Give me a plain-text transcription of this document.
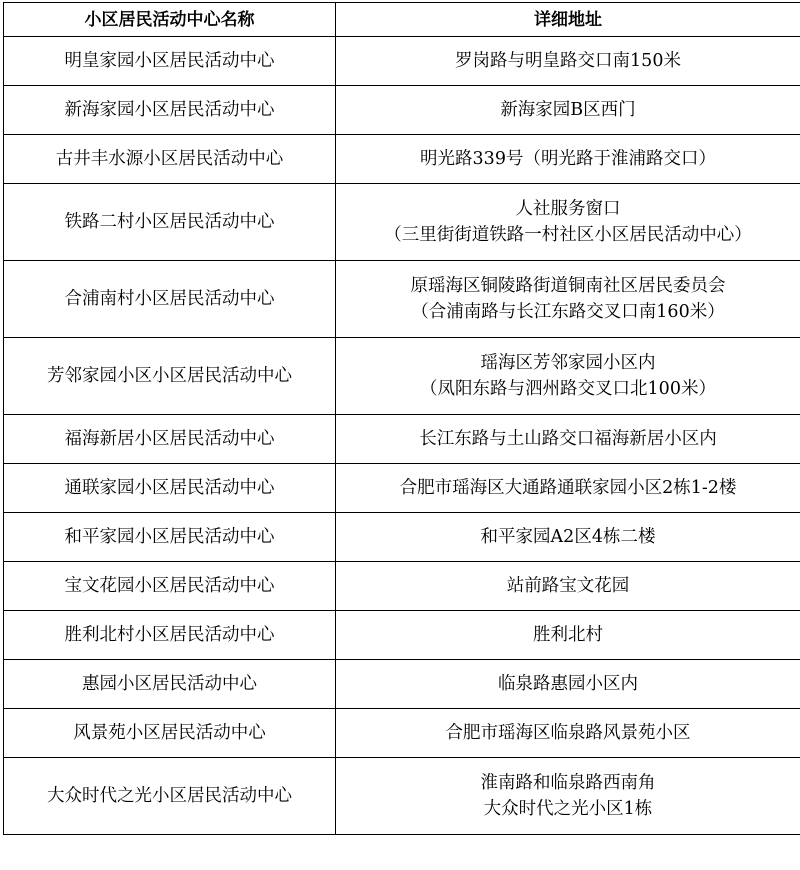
小区居民活动中心名称	详细地址
明皇家园小区居民活动中心	罗岗路与明皇路交口南150米

新海家园小区居民活动中心	新海家园B区西门

古井丰水源小区居民活动中心	明光路339号（明光路于淮浦路交口）

铁路二村小区居民活动中心	人社服务窗口
（三里街街道铁路一村社区小区居民活动中心）

合浦南村小区居民活动中心	原瑶海区铜陵路街道铜南社区居民委员会
（合浦南路与长江东路交叉口南160米）

芳邻家园小区小区居民活动中心	瑶海区芳邻家园小区内
（凤阳东路与泗州路交叉口北100米）

福海新居小区居民活动中心	长江东路与土山路交口福海新居小区内

通联家园小区居民活动中心	合肥市瑶海区大通路通联家园小区2栋1-2楼

和平家园小区居民活动中心	和平家园A2区4栋二楼

宝文花园小区居民活动中心	站前路宝文花园

胜利北村小区居民活动中心	胜利北村

惠园小区居民活动中心	临泉路惠园小区内

风景苑小区居民活动中心	合肥市瑶海区临泉路风景苑小区

大众时代之光小区居民活动中心	淮南路和临泉路西南角
大众时代之光小区1栋
